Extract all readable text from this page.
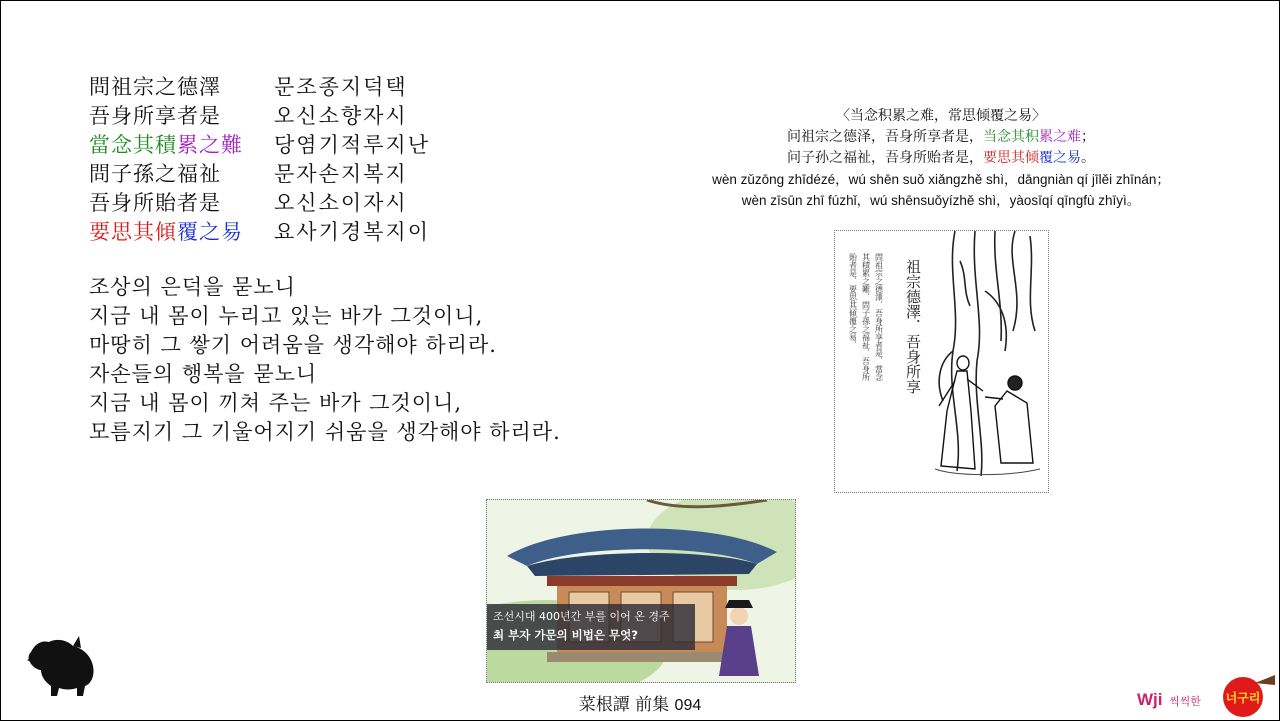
問祖宗之德澤	문조종지덕택
吾身所享者是	오신소향자시
當念其積累之難 당염기적루지난
問子孫之福祉	문자손지복지
吾身所貽者是	오신소이자시
要思其傾覆之易 요사기경복지이
조상의 은덕을 묻노니
지금 내 몸이 누리고 있는 바가 그것이니,
마땅히 그 쌓기 어려움을 생각해야 하리라.
자손들의 행복을 묻노니
지금 내 몸이 끼쳐 주는 바가 그것이니,
모름지기 그 기울어지기 쉬움을 생각해야 하리라.
〈当念积累之难，常思倾覆之易〉
问祖宗之德泽，吾身所享者是，当念其积累之难；
问子孙之福祉，吾身所贻者是，要思其倾覆之易。
wèn zǔzōng zhīdézé，wú shēn suǒ xiǎngzhě shì，dāngniàn qí jīlěi zhīnán；
wèn zīsūn zhī fúzhǐ，wú shēnsuǒyízhě shì，yàosīqí qīngfù zhīyì。
祖宗德澤．吾身所享
問祖宗之德澤．吾身所享者是．當念
其積累之難．問子孫之福祉．吾身所
貽者是．要思其傾覆之易．
조선시대 400년간 부를 이어 온 경주
최 부자 가문의 비법은 무엇?
菜根譚 前集 094	Wji 씩씩한 너구리
